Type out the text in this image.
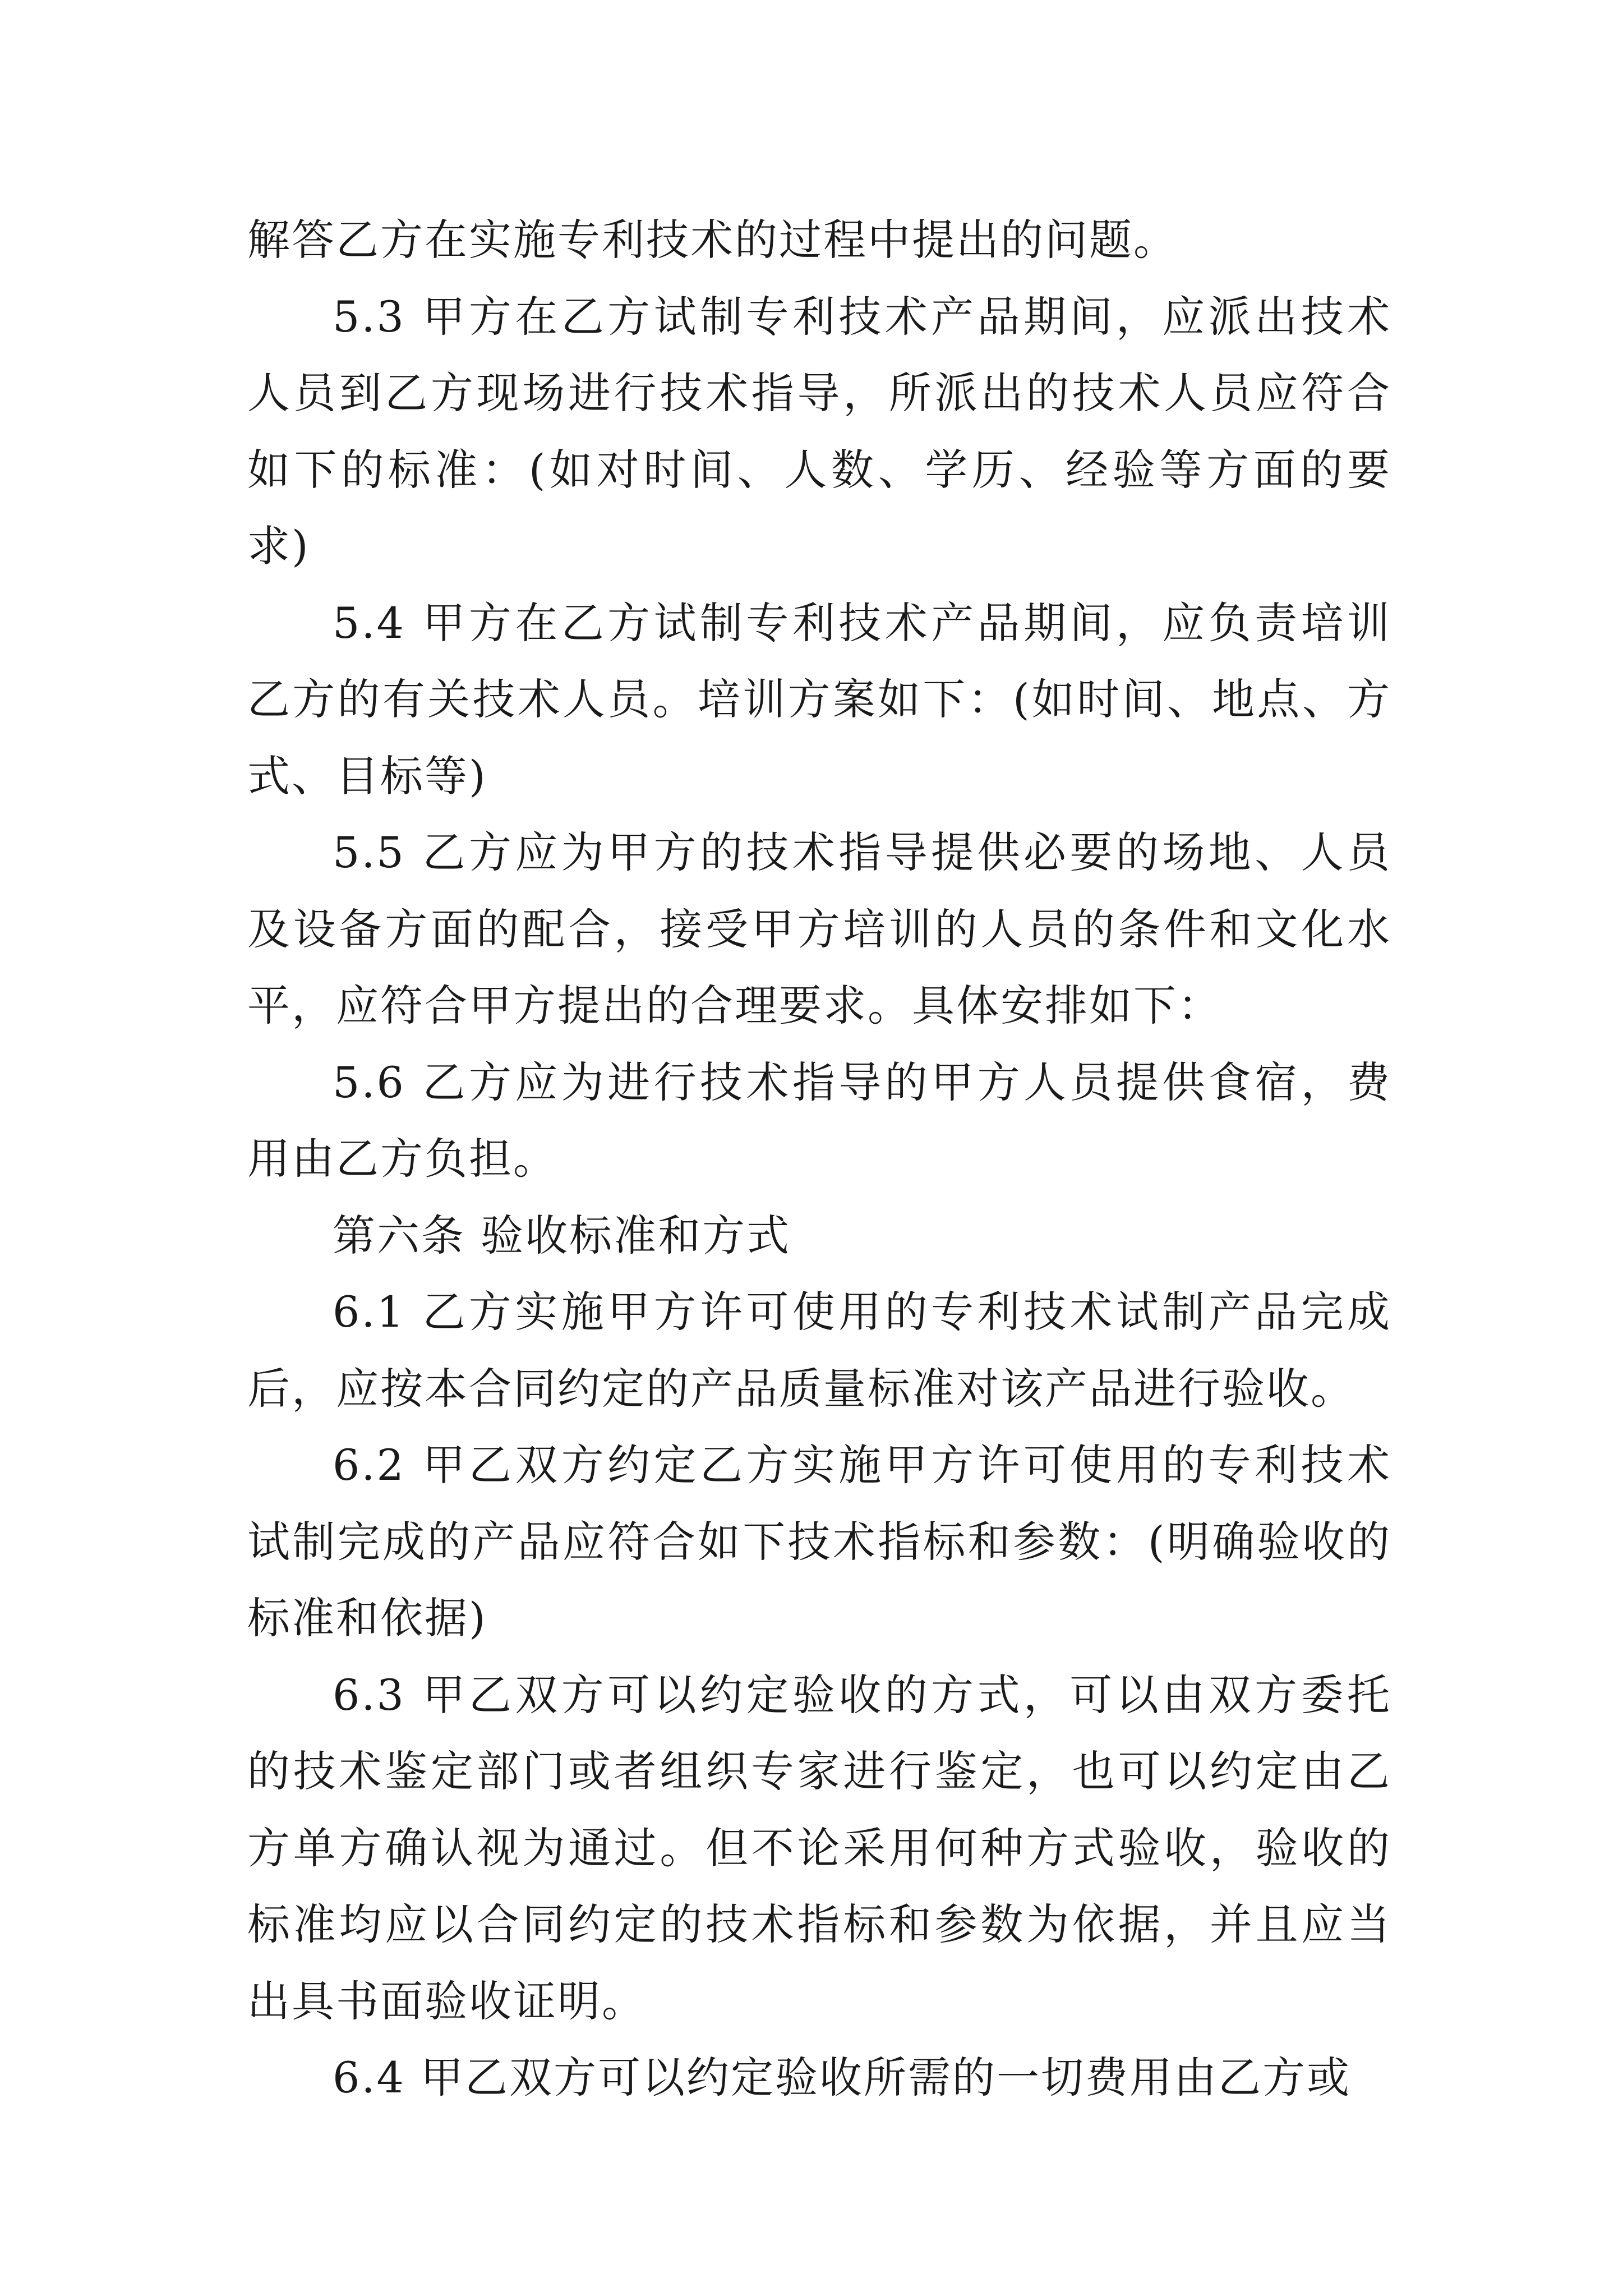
解答乙方在实施专利技术的过程中提出的问题。

5.3 甲方在乙方试制专利技术产品期间，应派出技术人员到乙方现场进行技术指导，所派出的技术人员应符合如下的标准：(如对时间、人数、学历、经验等方面的要求)

5.4 甲方在乙方试制专利技术产品期间，应负责培训乙方的有关技术人员。培训方案如下：(如时间、地点、方式、目标等)

5.5 乙方应为甲方的技术指导提供必要的场地、人员及设备方面的配合，接受甲方培训的人员的条件和文化水平，应符合甲方提出的合理要求。具体安排如下：

5.6 乙方应为进行技术指导的甲方人员提供食宿，费用由乙方负担。

第六条 验收标准和方式

6.1 乙方实施甲方许可使用的专利技术试制产品完成后，应按本合同约定的产品质量标准对该产品进行验收。

6.2 甲乙双方约定乙方实施甲方许可使用的专利技术试制完成的产品应符合如下技术指标和参数：(明确验收的标准和依据)

6.3 甲乙双方可以约定验收的方式，可以由双方委托的技术鉴定部门或者组织专家进行鉴定，也可以约定由乙方单方确认视为通过。但不论采用何种方式验收，验收的标准均应以合同约定的技术指标和参数为依据，并且应当出具书面验收证明。

6.4 甲乙双方可以约定验收所需的一切费用由乙方或
